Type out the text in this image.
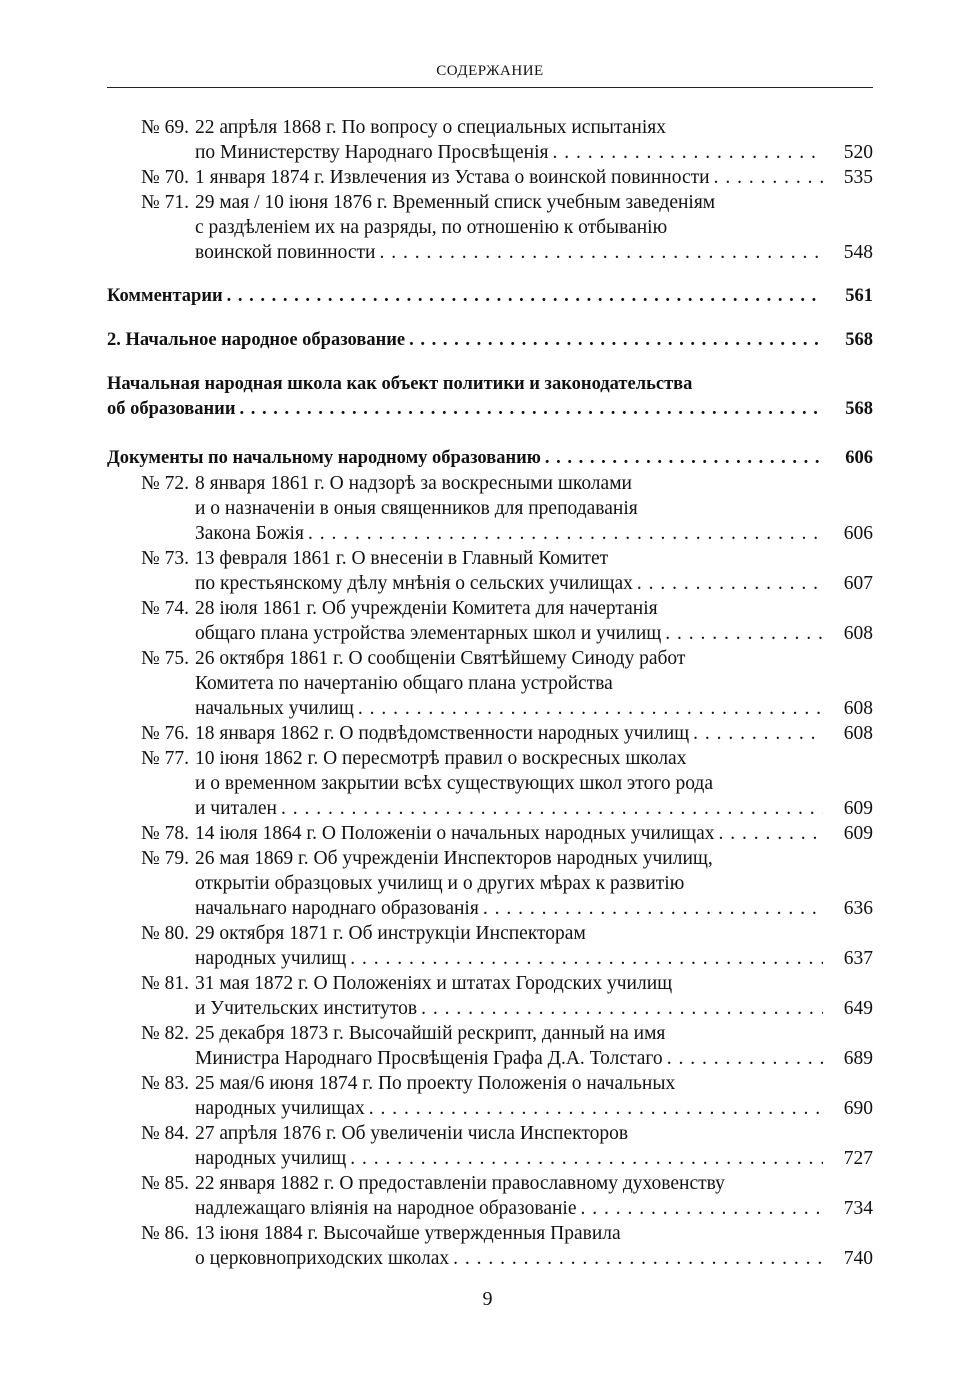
СОДЕРЖАНИЕ
№ 69. 22 апрѣля 1868 г. По вопросу о специальных испытаніях
по Министерству Народнаго Просвѣщенія . . .	520
№ 70. 1 января 1874 г. Извлечения из Устава о воинской повинности . . .	535
№ 71. 29 мая / 10 іюня 1876 г. Временный списк учебным заведеніям
с раздѣленіем их на разряды, по отношенію к отбыванію
воинской повинности . . .	548
Комментарии . . .	561
2. Начальное народное образование . . .	568
Начальная народная школа как объект политики и законодательства
об образовании . . .	568
Документы по начальному народному образованию . . .	606
№ 72. 8 января 1861 г. О надзорѣ за воскресными школами
и о назначеніи в оныя священников для преподаванія
Закона Божія . . .	606
№ 73. 13 февраля 1861 г. О внесеніи в Главный Комитет
по крестьянскому дѣлу мнѣнія о сельских училищах . . .	607
№ 74. 28 іюля 1861 г. Об учрежденіи Комитета для начертанія
общаго плана устройства элементарных школ и училищ . . .	608
№ 75. 26 октября 1861 г. О сообщеніи Святѣйшему Синоду работ
Комитета по начертанію общаго плана устройства
начальных училищ . . .	608
№ 76. 18 января 1862 г. О подвѣдомственности народных училищ . . .	608
№ 77. 10 іюня 1862 г. О пересмотрѣ правил о воскресных школах
и о временном закрытии всѣх существующих школ этого рода
и читален . . .	609
№ 78. 14 іюля 1864 г. О Положеніи о начальных народных училищах . . .	609
№ 79. 26 мая 1869 г. Об учрежденіи Инспекторов народных училищ,
открытіи образцовых училищ и о других мѣрах к развитію
начальнаго народнаго образованія . . .	636
№ 80. 29 октября 1871 г. Об инструкціи Инспекторам
народных училищ . . .	637
№ 81. 31 мая 1872 г. О Положеніях и штатах Городских училищ
и Учительских институтов . . .	649
№ 82. 25 декабря 1873 г. Высочайшій рескрипт, данный на имя
Министра Народнаго Просвѣщенія Графа Д.А. Толстаго . . .	689
№ 83. 25 мая/6 июня 1874 г. По проекту Положенія о начальных
народных училищах . . .	690
№ 84. 27 апрѣля 1876 г. Об увеличеніи числа Инспекторов
народных училищ . . .	727
№ 85. 22 января 1882 г. О предоставленіи православному духовенству
надлежащаго вліянія на народное образованіе . . .	734
№ 86. 13 іюня 1884 г. Высочайше утвержденныя Правила
о церковноприходских школах . . .	740
9
